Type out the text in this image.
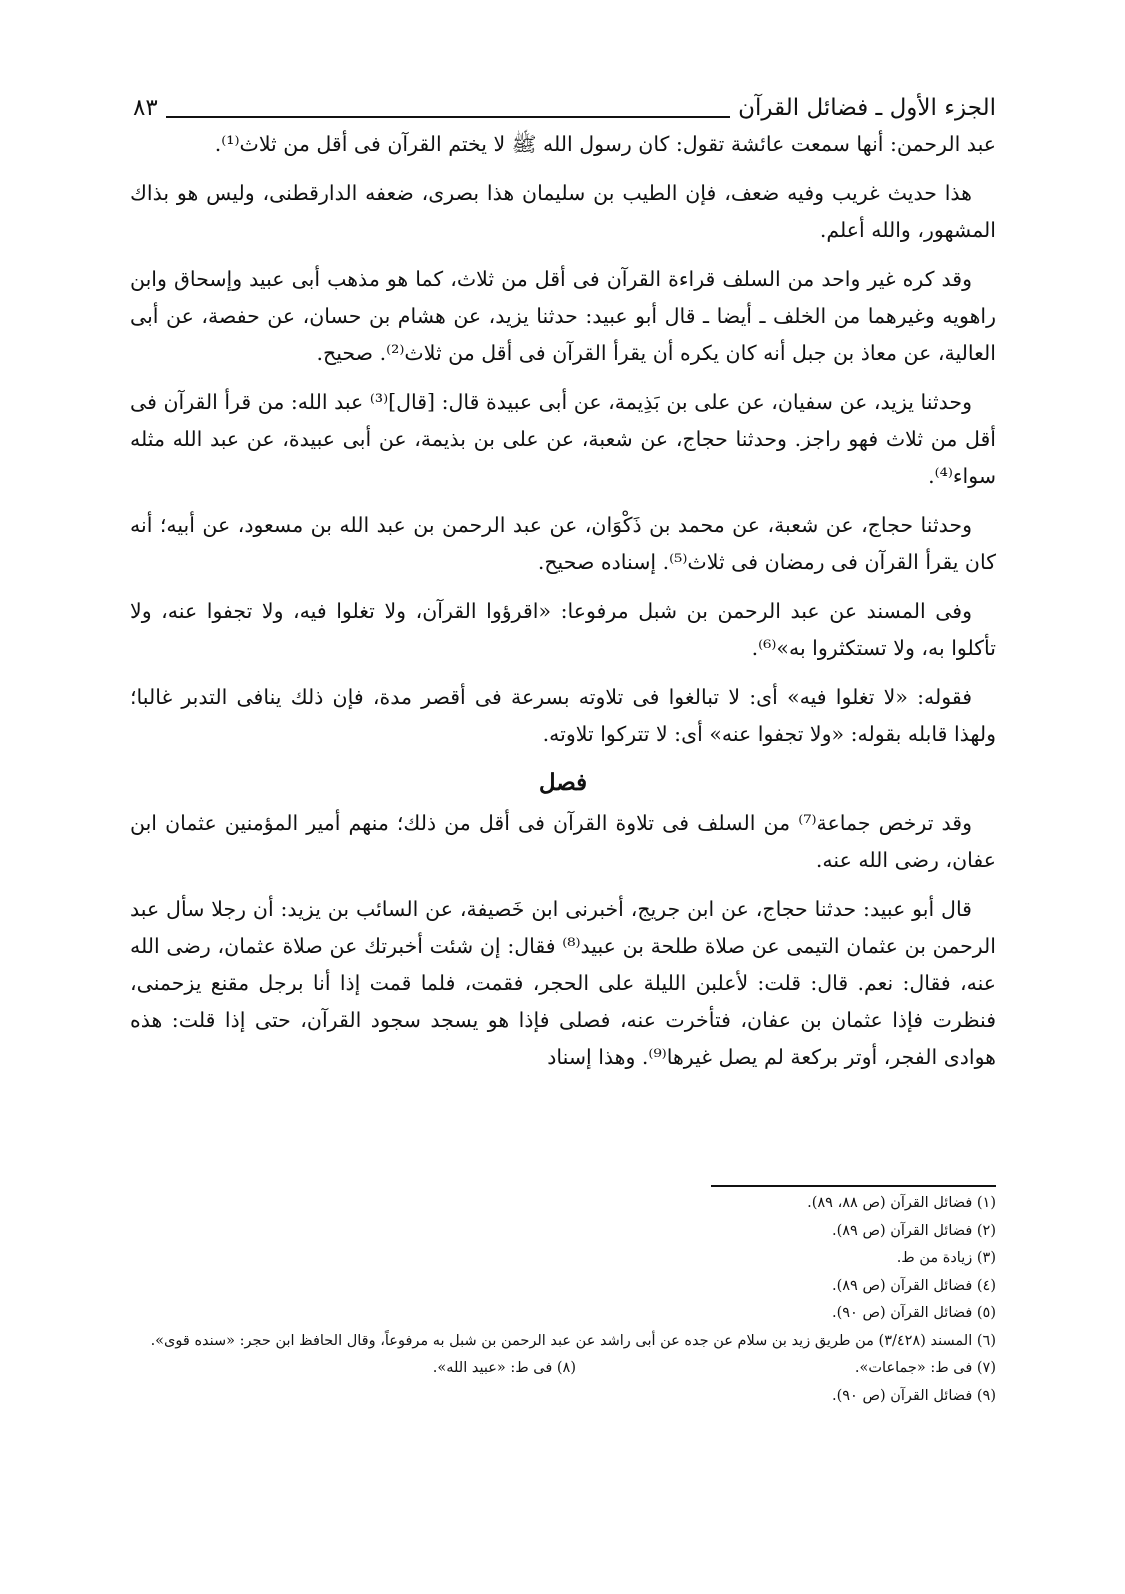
الجزء الأول ـ فضائل القرآن
٨٣

عبد الرحمن: أنها سمعت عائشة تقول: كان رسول الله ﷺ لا يختم القرآن فى أقل من ثلاث⁽¹⁾.

هذا حديث غريب وفيه ضعف، فإن الطيب بن سليمان هذا بصرى، ضعفه الدارقطنى، وليس هو بذاك المشهور، والله أعلم.

وقد كره غير واحد من السلف قراءة القرآن فى أقل من ثلاث، كما هو مذهب أبى عبيد وإسحاق وابن راهويه وغيرهما من الخلف ـ أيضا ـ قال أبو عبيد: حدثنا يزيد، عن هشام بن حسان، عن حفصة، عن أبى العالية، عن معاذ بن جبل أنه كان يكره أن يقرأ القرآن فى أقل من ثلاث⁽²⁾. صحيح.

وحدثنا يزيد، عن سفيان، عن على بن بَذِيمة، عن أبى عبيدة قال: [قال]⁽³⁾ عبد الله: من قرأ القرآن فى أقل من ثلاث فهو راجز. وحدثنا حجاج، عن شعبة، عن على بن بذيمة، عن أبى عبيدة، عن عبد الله مثله سواء⁽⁴⁾.

وحدثنا حجاج، عن شعبة، عن محمد بن ذَكْوَان، عن عبد الرحمن بن عبد الله بن مسعود، عن أبيه؛ أنه كان يقرأ القرآن فى رمضان فى ثلاث⁽⁵⁾. إسناده صحيح.

وفى المسند عن عبد الرحمن بن شبل مرفوعا: «اقرؤوا القرآن، ولا تغلوا فيه، ولا تجفوا عنه، ولا تأكلوا به، ولا تستكثروا به»⁽⁶⁾.

فقوله: «لا تغلوا فيه» أى: لا تبالغوا فى تلاوته بسرعة فى أقصر مدة، فإن ذلك ينافى التدبر غالبا؛ ولهذا قابله بقوله: «ولا تجفوا عنه» أى: لا تتركوا تلاوته.

فصل

وقد ترخص جماعة⁽⁷⁾ من السلف فى تلاوة القرآن فى أقل من ذلك؛ منهم أمير المؤمنين عثمان ابن عفان، رضى الله عنه.

قال أبو عبيد: حدثنا حجاج، عن ابن جريج، أخبرنى ابن خَصيفة، عن السائب بن يزيد: أن رجلا سأل عبد الرحمن بن عثمان التيمى عن صلاة طلحة بن عبيد⁽⁸⁾ فقال: إن شئت أخبرتك عن صلاة عثمان، رضى الله عنه، فقال: نعم. قال: قلت: لأعلبن الليلة على الحجر، فقمت، فلما قمت إذا أنا برجل مقنع يزحمنى، فنظرت فإذا عثمان بن عفان، فتأخرت عنه، فصلى فإذا هو يسجد سجود القرآن، حتى إذا قلت: هذه هوادى الفجر، أوتر بركعة لم يصل غيرها⁽⁹⁾. وهذا إسناد

(١) فضائل القرآن (ص ٨٨، ٨٩).

(٢) فضائل القرآن (ص ٨٩).

(٣) زيادة من ط.

(٤) فضائل القرآن (ص ٨٩).

(٥) فضائل القرآن (ص ٩٠).

(٦) المسند (٣/٤٢٨) من طريق زيد بن سلام عن جده عن أبى راشد عن عبد الرحمن بن شبل به مرفوعاً، وقال الحافظ ابن حجر: «سنده قوى».

(٧) فى ط: «جماعات».

(٨) فى ط: «عبيد الله».

(٩) فضائل القرآن (ص ٩٠).
